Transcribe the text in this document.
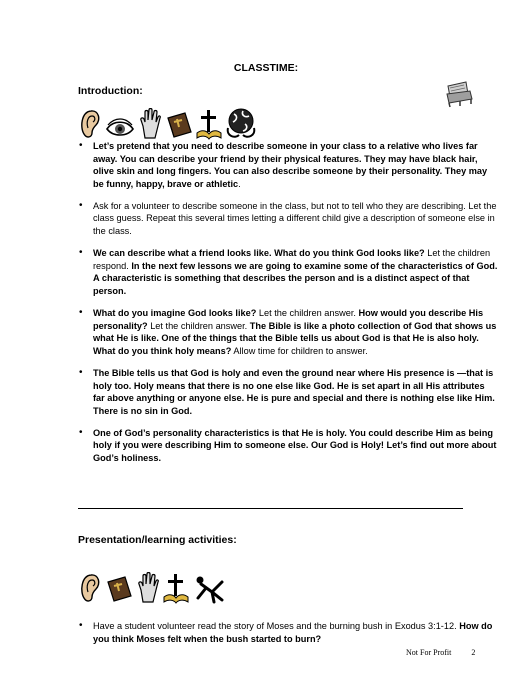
CLASSTIME:
Introduction:
• Let’s pretend that you need to describe someone in your class to a relative who lives far away. You can describe your friend by their physical features. They may have black hair, olive skin and long fingers. You can also describe someone by their personality. They may be funny, happy, brave or athletic.
• Ask for a volunteer to describe someone in the class, but not to tell who they are describing. Let the class guess. Repeat this several times letting a different child give a description of someone else in the class.
• We can describe what a friend looks like. What do you think God looks like? Let the children respond. In the next few lessons we are going to examine some of the characteristics of God. A characteristic is something that describes the person and is a distinct aspect of that person.
• What do you imagine God looks like? Let the children answer. How would you describe His personality? Let the children answer. The Bible is like a photo collection of God that shows us what He is like. One of the things that the Bible tells us about God is that He is also holy. What do you think holy means? Allow time for children to answer.
• The Bible tells us that God is holy and even the ground near where His presence is —that is holy too. Holy means that there is no one else like God. He is set apart in all His attributes far above anything or anyone else. He is pure and special and there is nothing else like Him. There is no sin in God.
• One of God’s personality characteristics is that He is holy. You could describe Him as being holy if you were describing Him to someone else. Our God is Holy! Let’s find out more about God’s holiness.
Presentation/learning activities:
• Have a student volunteer read the story of Moses and the burning bush in Exodus 3:1-12. How do you think Moses felt when the bush started to burn?
Not For Profit	2
